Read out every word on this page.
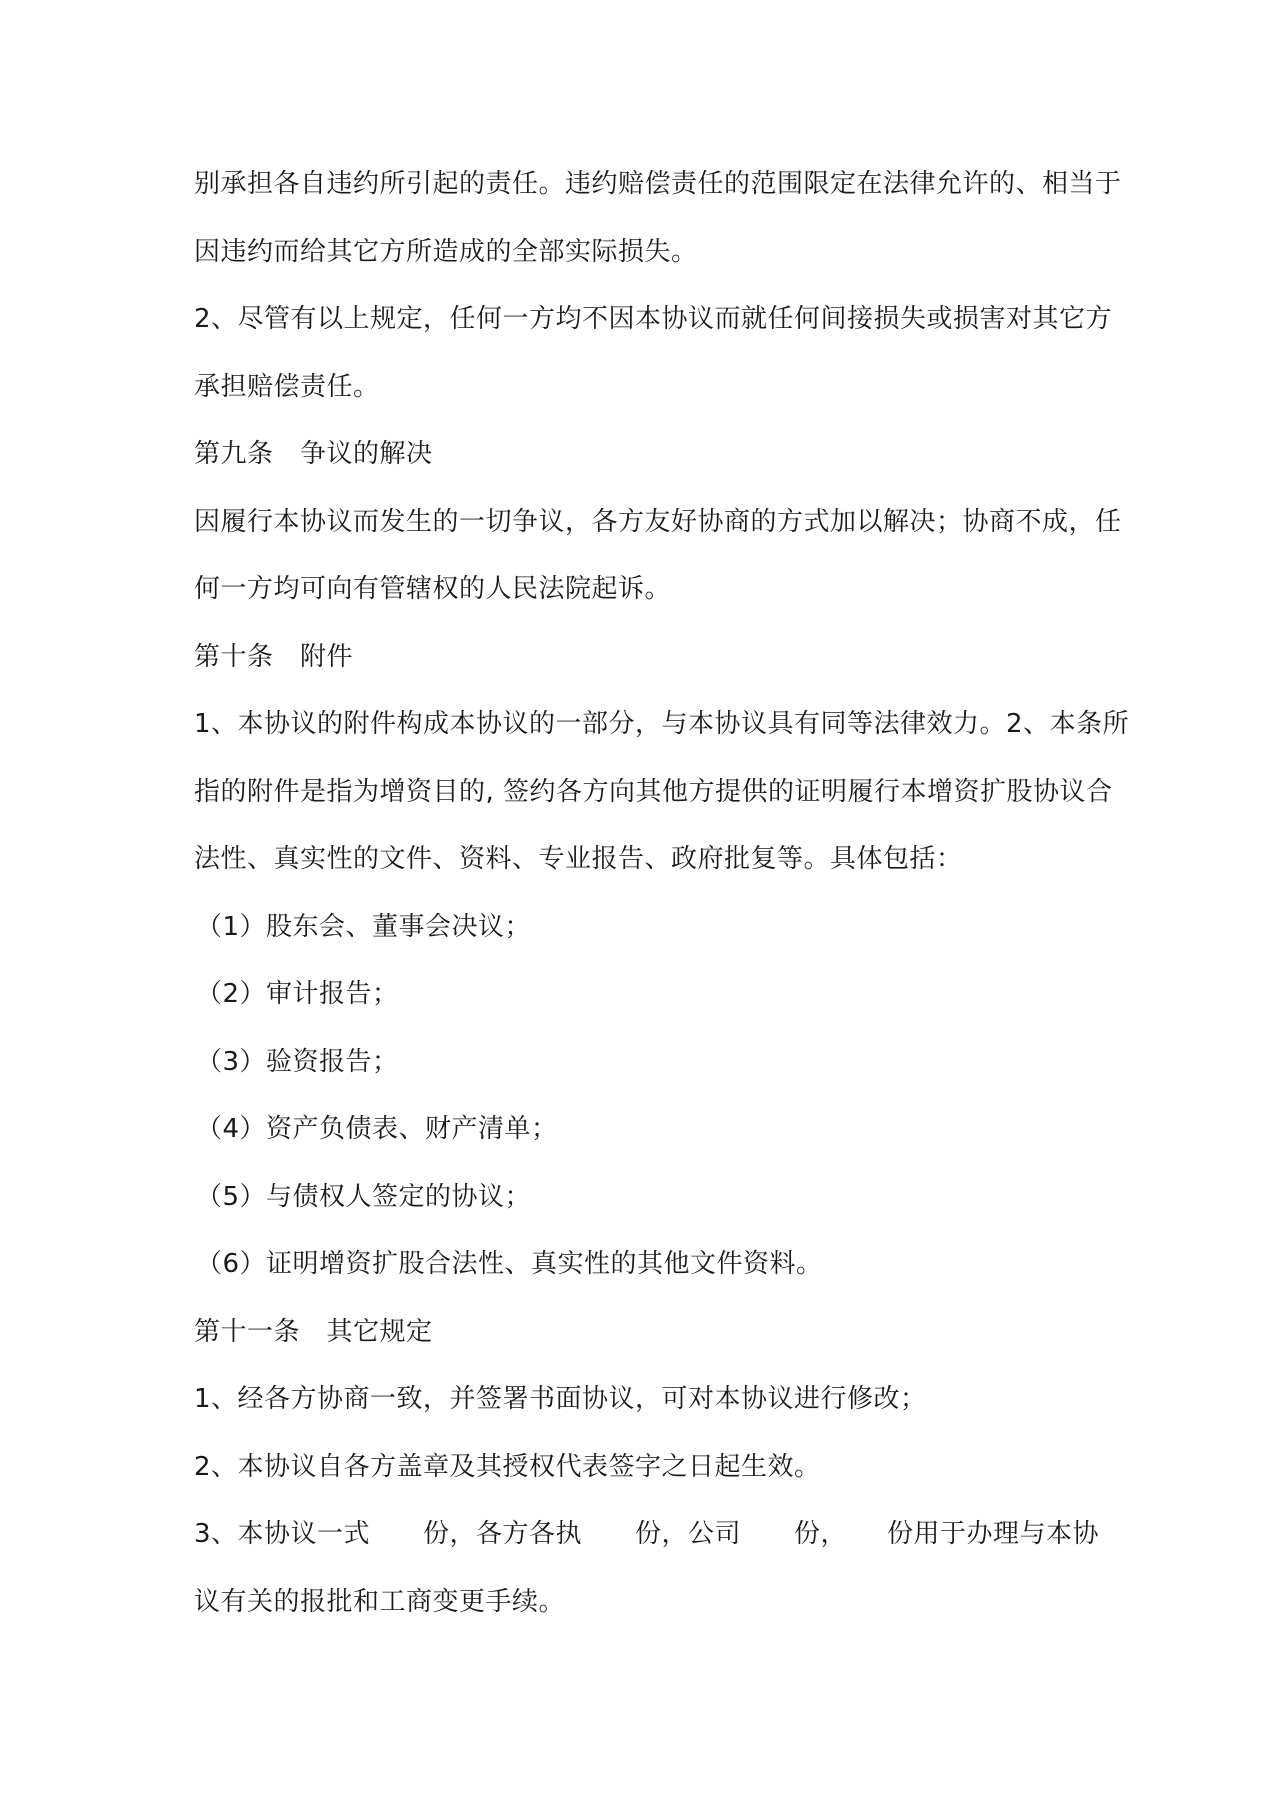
别承担各自违约所引起的责任。违约赔偿责任的范围限定在法律允许的、相当于
因违约而给其它方所造成的全部实际损失。
2、尽管有以上规定，任何一方均不因本协议而就任何间接损失或损害对其它方
承担赔偿责任。
第九条　争议的解决
因履行本协议而发生的一切争议，各方友好协商的方式加以解决；协商不成，任
何一方均可向有管辖权的人民法院起诉。
第十条　附件
1、本协议的附件构成本协议的一部分，与本协议具有同等法律效力。2、本条所
指的附件是指为增资目的, 签约各方向其他方提供的证明履行本增资扩股协议合
法性、真实性的文件、资料、专业报告、政府批复等。具体包括：
（1）股东会、董事会决议；
（2）审计报告；
（3）验资报告；
（4）资产负债表、财产清单；
（5）与债权人签定的协议；
（6）证明增资扩股合法性、真实性的其他文件资料。
第十一条　其它规定
1、经各方协商一致，并签署书面协议，可对本协议进行修改；
2、本协议自各方盖章及其授权代表签字之日起生效。
3、本协议一式　　份，各方各执　　份，公司　　份，　　份用于办理与本协
议有关的报批和工商变更手续。
